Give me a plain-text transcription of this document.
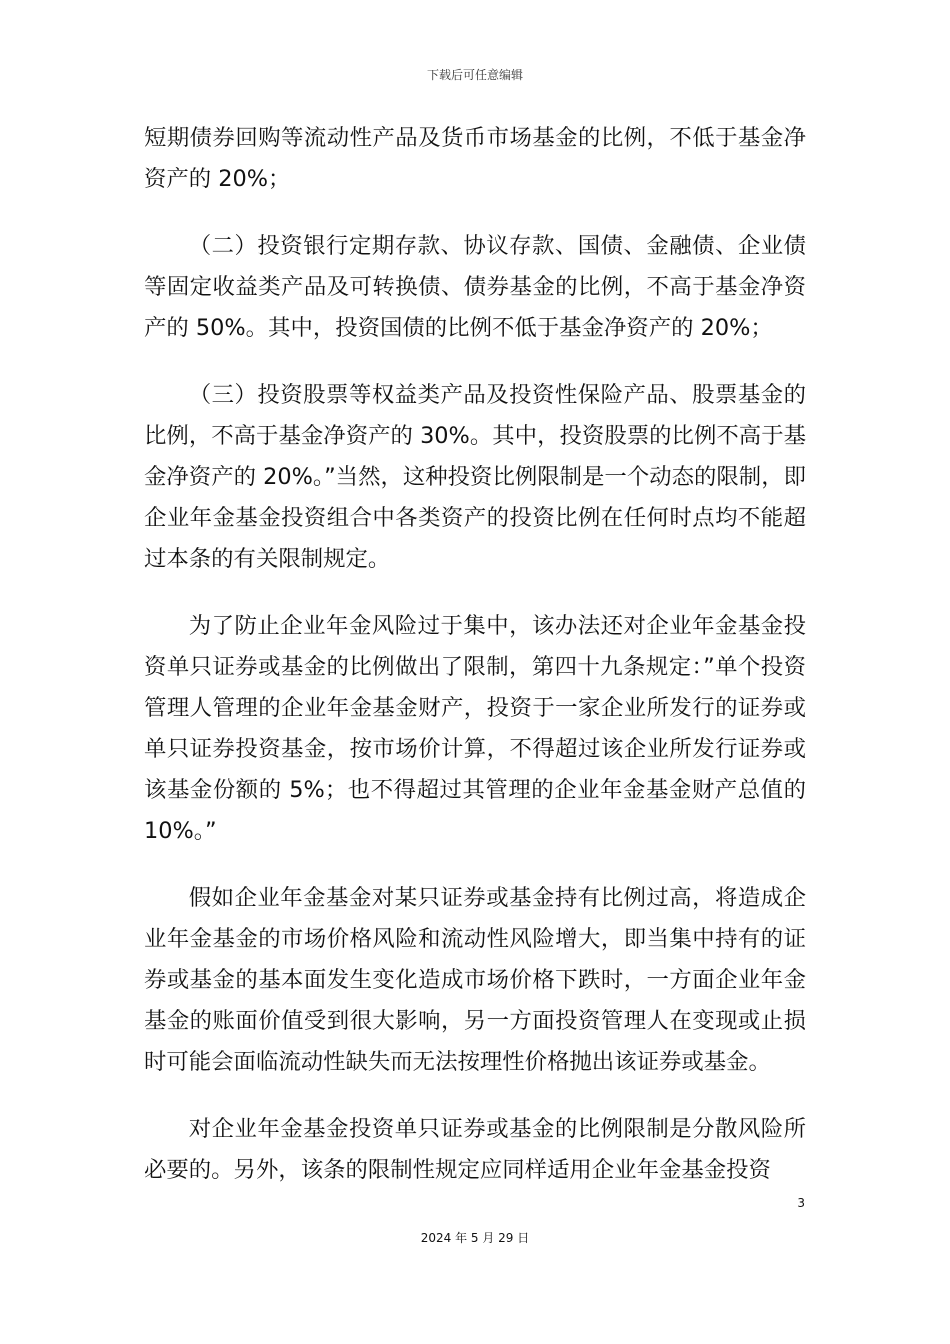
下载后可任意编辑

短期债券回购等流动性产品及货币市场基金的比例，不低于基金净资产的 20%；

（二）投资银行定期存款、协议存款、国债、金融债、企业债等固定收益类产品及可转换债、债券基金的比例，不高于基金净资产的 50%。其中，投资国债的比例不低于基金净资产的 20%；

（三）投资股票等权益类产品及投资性保险产品、股票基金的比例，不高于基金净资产的 30%。其中，投资股票的比例不高于基金净资产的 20%。”当然，这种投资比例限制是一个动态的限制，即企业年金基金投资组合中各类资产的投资比例在任何时点均不能超过本条的有关限制规定。

为了防止企业年金风险过于集中，该办法还对企业年金基金投资单只证券或基金的比例做出了限制，第四十九条规定：”单个投资管理人管理的企业年金基金财产，投资于一家企业所发行的证券或单只证券投资基金，按市场价计算，不得超过该企业所发行证券或该基金份额的 5%；也不得超过其管理的企业年金基金财产总值的 10%。”

假如企业年金基金对某只证券或基金持有比例过高，将造成企业年金基金的市场价格风险和流动性风险增大，即当集中持有的证券或基金的基本面发生变化造成市场价格下跌时，一方面企业年金基金的账面价值受到很大影响，另一方面投资管理人在变现或止损时可能会面临流动性缺失而无法按理性价格抛出该证券或基金。

对企业年金基金投资单只证券或基金的比例限制是分散风险所必要的。另外，该条的限制性规定应同样适用企业年金基金投资

3
2024 年 5 月 29 日
